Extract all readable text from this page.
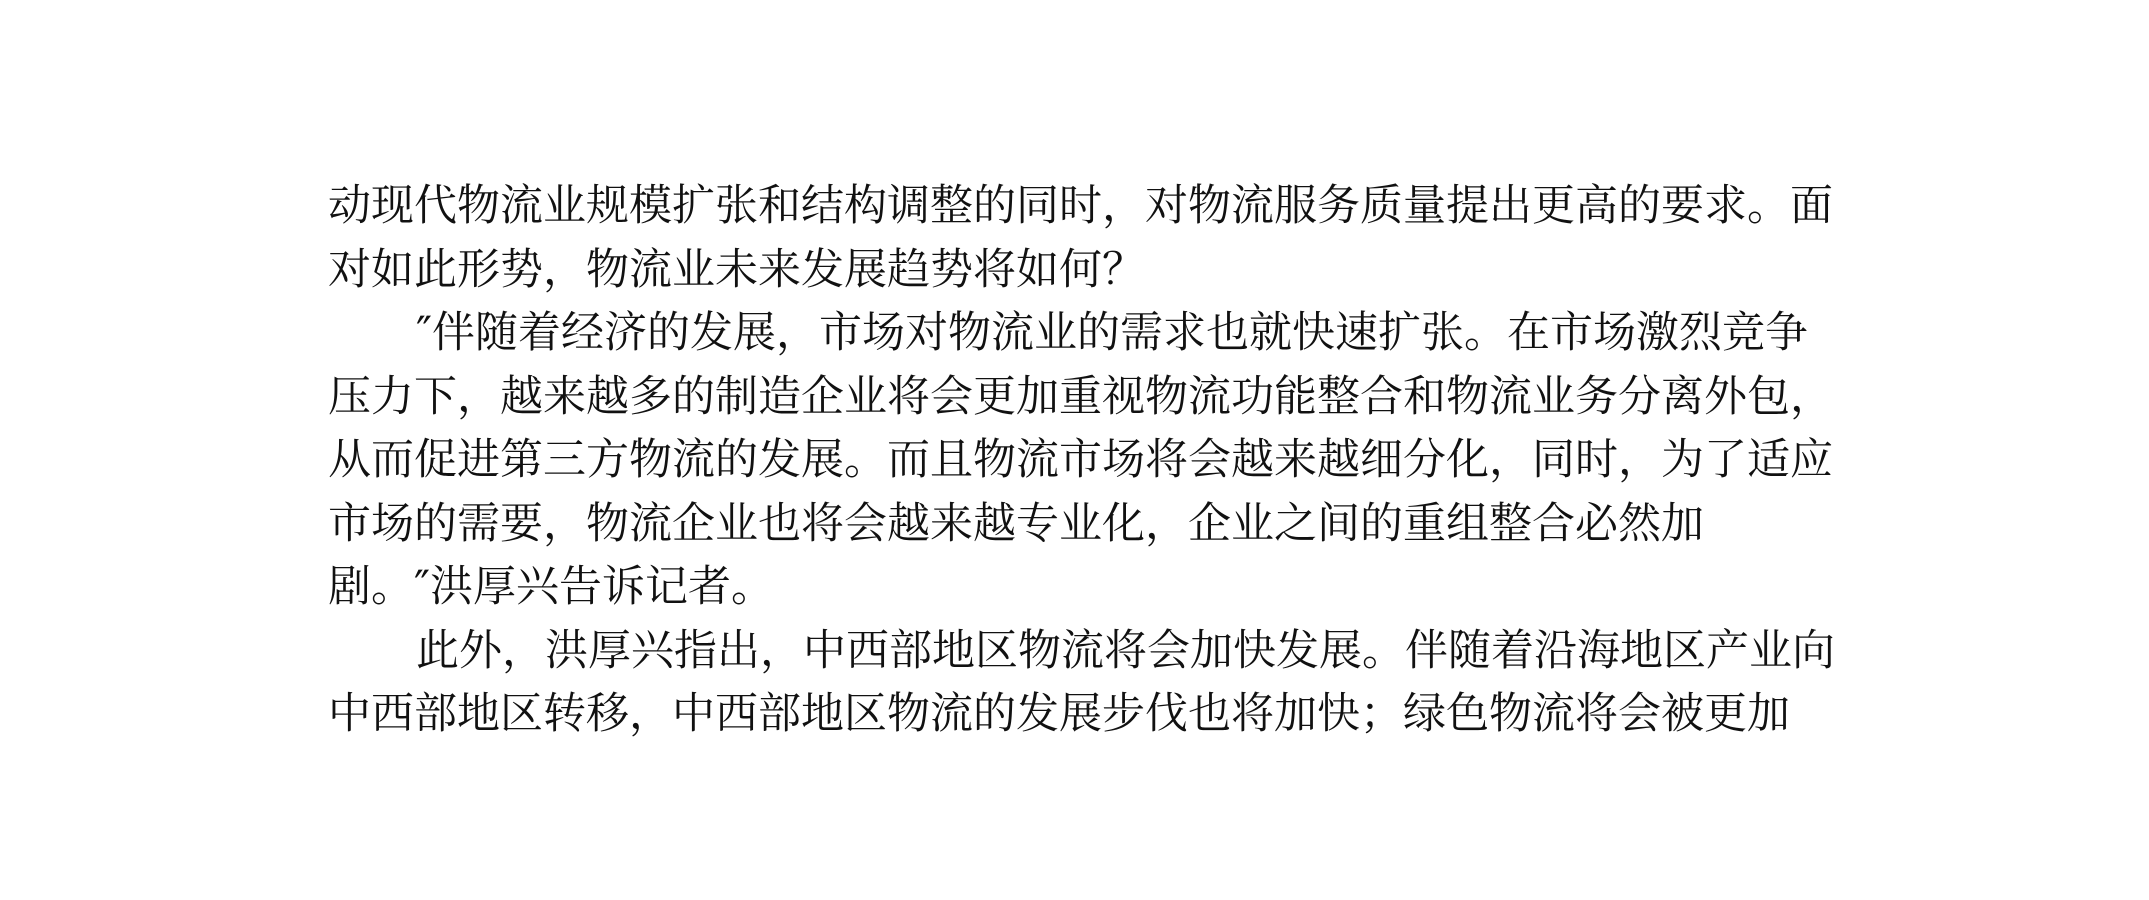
动现代物流业规模扩张和结构调整的同时，对物流服务质量提出更高的要求。面
对如此形势，物流业未来发展趋势将如何？
″伴随着经济的发展，市场对物流业的需求也就快速扩张。在市场激烈竞争
压力下，越来越多的制造企业将会更加重视物流功能整合和物流业务分离外包，
从而促进第三方物流的发展。而且物流市场将会越来越细分化，同时，为了适应
市场的需要，物流企业也将会越来越专业化，企业之间的重组整合必然加
剧。″洪厚兴告诉记者。
此外，洪厚兴指出，中西部地区物流将会加快发展。伴随着沿海地区产业向
中西部地区转移，中西部地区物流的发展步伐也将加快；绿色物流将会被更加
